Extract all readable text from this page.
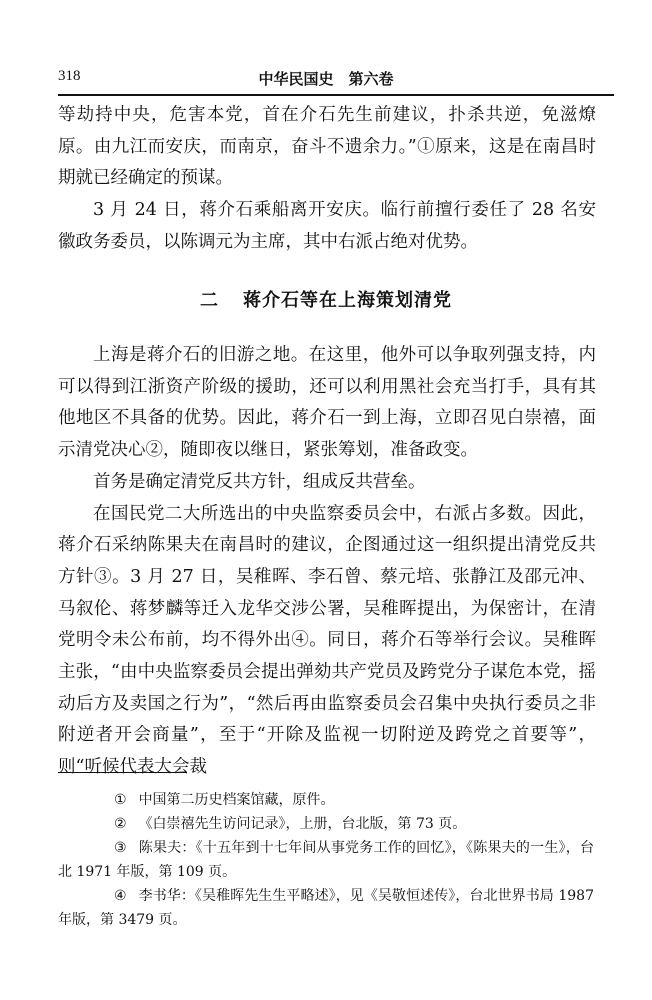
318	中华民国史　第六卷

等劫持中央，危害本党，首在介石先生前建议，扑杀共逆，免滋燎原。由九江而安庆，而南京，奋斗不遗余力。”①原来，这是在南昌时期就已经确定的预谋。

3 月 24 日，蒋介石乘船离开安庆。临行前擅行委任了 28 名安徽政务委员，以陈调元为主席，其中右派占绝对优势。

二 蒋介石等在上海策划清党

上海是蒋介石的旧游之地。在这里，他外可以争取列强支持，内可以得到江浙资产阶级的援助，还可以利用黑社会充当打手，具有其他地区不具备的优势。因此，蒋介石一到上海，立即召见白崇禧，面示清党决心②，随即夜以继日，紧张筹划，准备政变。

首务是确定清党反共方针，组成反共营垒。

在国民党二大所选出的中央监察委员会中，右派占多数。因此，蒋介石采纳陈果夫在南昌时的建议，企图通过这一组织提出清党反共方针③。3 月 27 日，吴稚晖、李石曾、蔡元培、张静江及邵元冲、马叙伦、蒋梦麟等迁入龙华交涉公署，吴稚晖提出，为保密计，在清党明令未公布前，均不得外出④。同日，蒋介石等举行会议。吴稚晖主张，“由中央监察委员会提出弹劾共产党员及跨党分子谋危本党，摇动后方及卖国之行为”，“然后再由监察委员会召集中央执行委员之非附逆者开会商量”，至于“开除及监视一切附逆及跨党之首要等”，则“听候代表大会裁

① 中国第二历史档案馆藏，原件。

② 《白崇禧先生访问记录》，上册，台北版，第 73 页。

③ 陈果夫：《十五年到十七年间从事党务工作的回忆》，《陈果夫的一生》，台北 1971 年版，第 109 页。

④ 李书华：《吴稚晖先生生平略述》，见《吴敬恒述传》，台北世界书局 1987 年版，第 3479 页。
